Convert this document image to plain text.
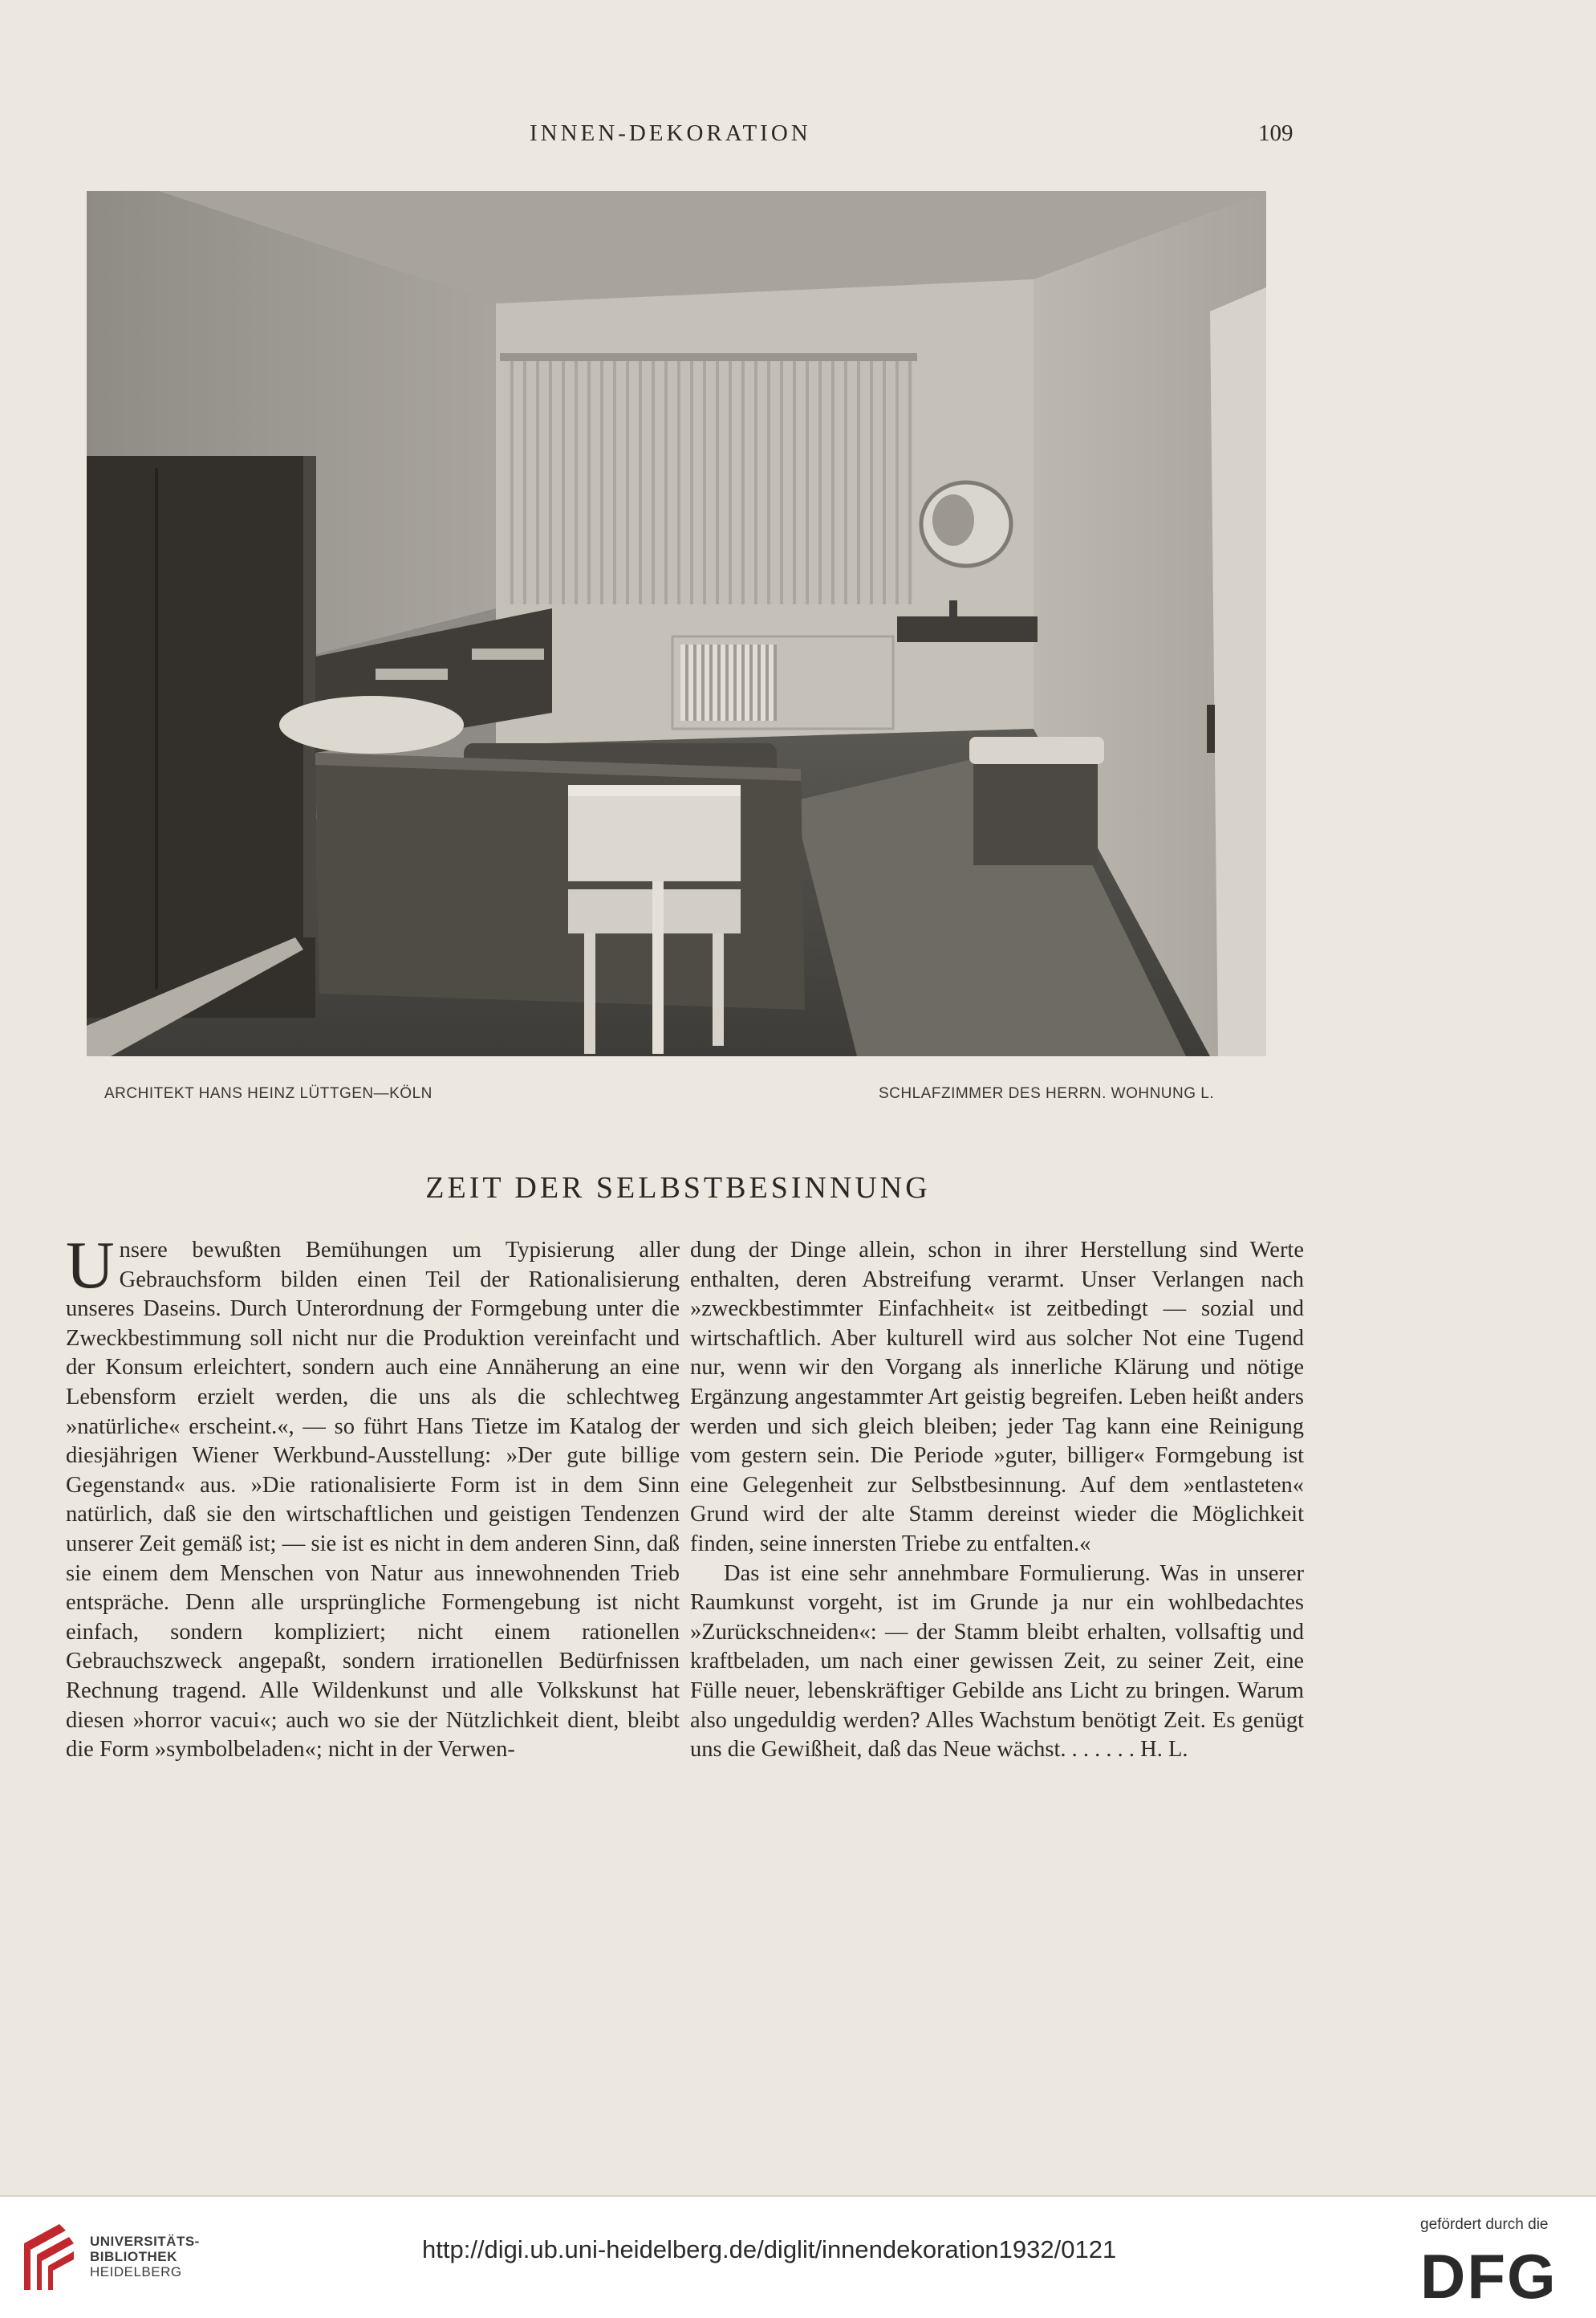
INNEN-DEKORATION	109
ARCHITEKT HANS HEINZ LÜTTGEN—KÖLN	SCHLAFZIMMER DES HERRN. WOHNUNG L.
ZEIT DER SELBSTBESINNUNG

Unsere bewußten Bemühungen um Typisierung aller Gebrauchsform bilden einen Teil der Rationalisierung unseres Daseins. Durch Unterordnung der Formgebung unter die Zweckbestimmung soll nicht nur die Produktion vereinfacht und der Konsum erleichtert, sondern auch eine Annäherung an eine Lebensform erzielt werden, die uns als die schlechtweg »natürliche« erscheint.«, — so führt Hans Tietze im Katalog der diesjährigen Wiener Werkbund-Ausstellung: »Der gute billige Gegenstand« aus. »Die rationalisierte Form ist in dem Sinn natürlich, daß sie den wirtschaftlichen und geistigen Tendenzen unserer Zeit gemäß ist; — sie ist es nicht in dem anderen Sinn, daß sie einem dem Menschen von Natur aus innewohnenden Trieb entspräche. Denn alle ursprüngliche Formengebung ist nicht einfach, sondern kompliziert; nicht einem rationellen Gebrauchszweck angepaßt, sondern irrationellen Bedürfnissen Rechnung tragend. Alle Wildenkunst und alle Volkskunst hat diesen »horror vacui«; auch wo sie der Nützlichkeit dient, bleibt die Form »symbolbeladen«; nicht in der Verwen-

dung der Dinge allein, schon in ihrer Herstellung sind Werte enthalten, deren Abstreifung verarmt. Unser Verlangen nach »zweckbestimmter Einfachheit« ist zeitbedingt — sozial und wirtschaftlich. Aber kulturell wird aus solcher Not eine Tugend nur, wenn wir den Vorgang als innerliche Klärung und nötige Ergänzung angestammter Art geistig begreifen. Leben heißt anders werden und sich gleich bleiben; jeder Tag kann eine Reinigung vom gestern sein. Die Periode »guter, billiger« Formgebung ist eine Gelegenheit zur Selbstbesinnung. Auf dem »entlasteten« Grund wird der alte Stamm dereinst wieder die Möglichkeit finden, seine innersten Triebe zu entfalten.«

Das ist eine sehr annehmbare Formulierung. Was in unserer Raumkunst vorgeht, ist im Grunde ja nur ein wohlbedachtes »Zurückschneiden«: — der Stamm bleibt erhalten, vollsaftig und kraftbeladen, um nach einer gewissen Zeit, zu seiner Zeit, eine Fülle neuer, lebenskräftiger Gebilde ans Licht zu bringen. Warum also ungeduldig werden? Alles Wachstum benötigt Zeit. Es genügt uns die Gewißheit, daß das Neue wächst. . . . . . . H. L.

UNIVERSITÄTS-
BIBLIOTHEK
HEIDELBERG
http://digi.ub.uni-heidelberg.de/diglit/innendekoration1932/0121
gefördert durch die
DFG
